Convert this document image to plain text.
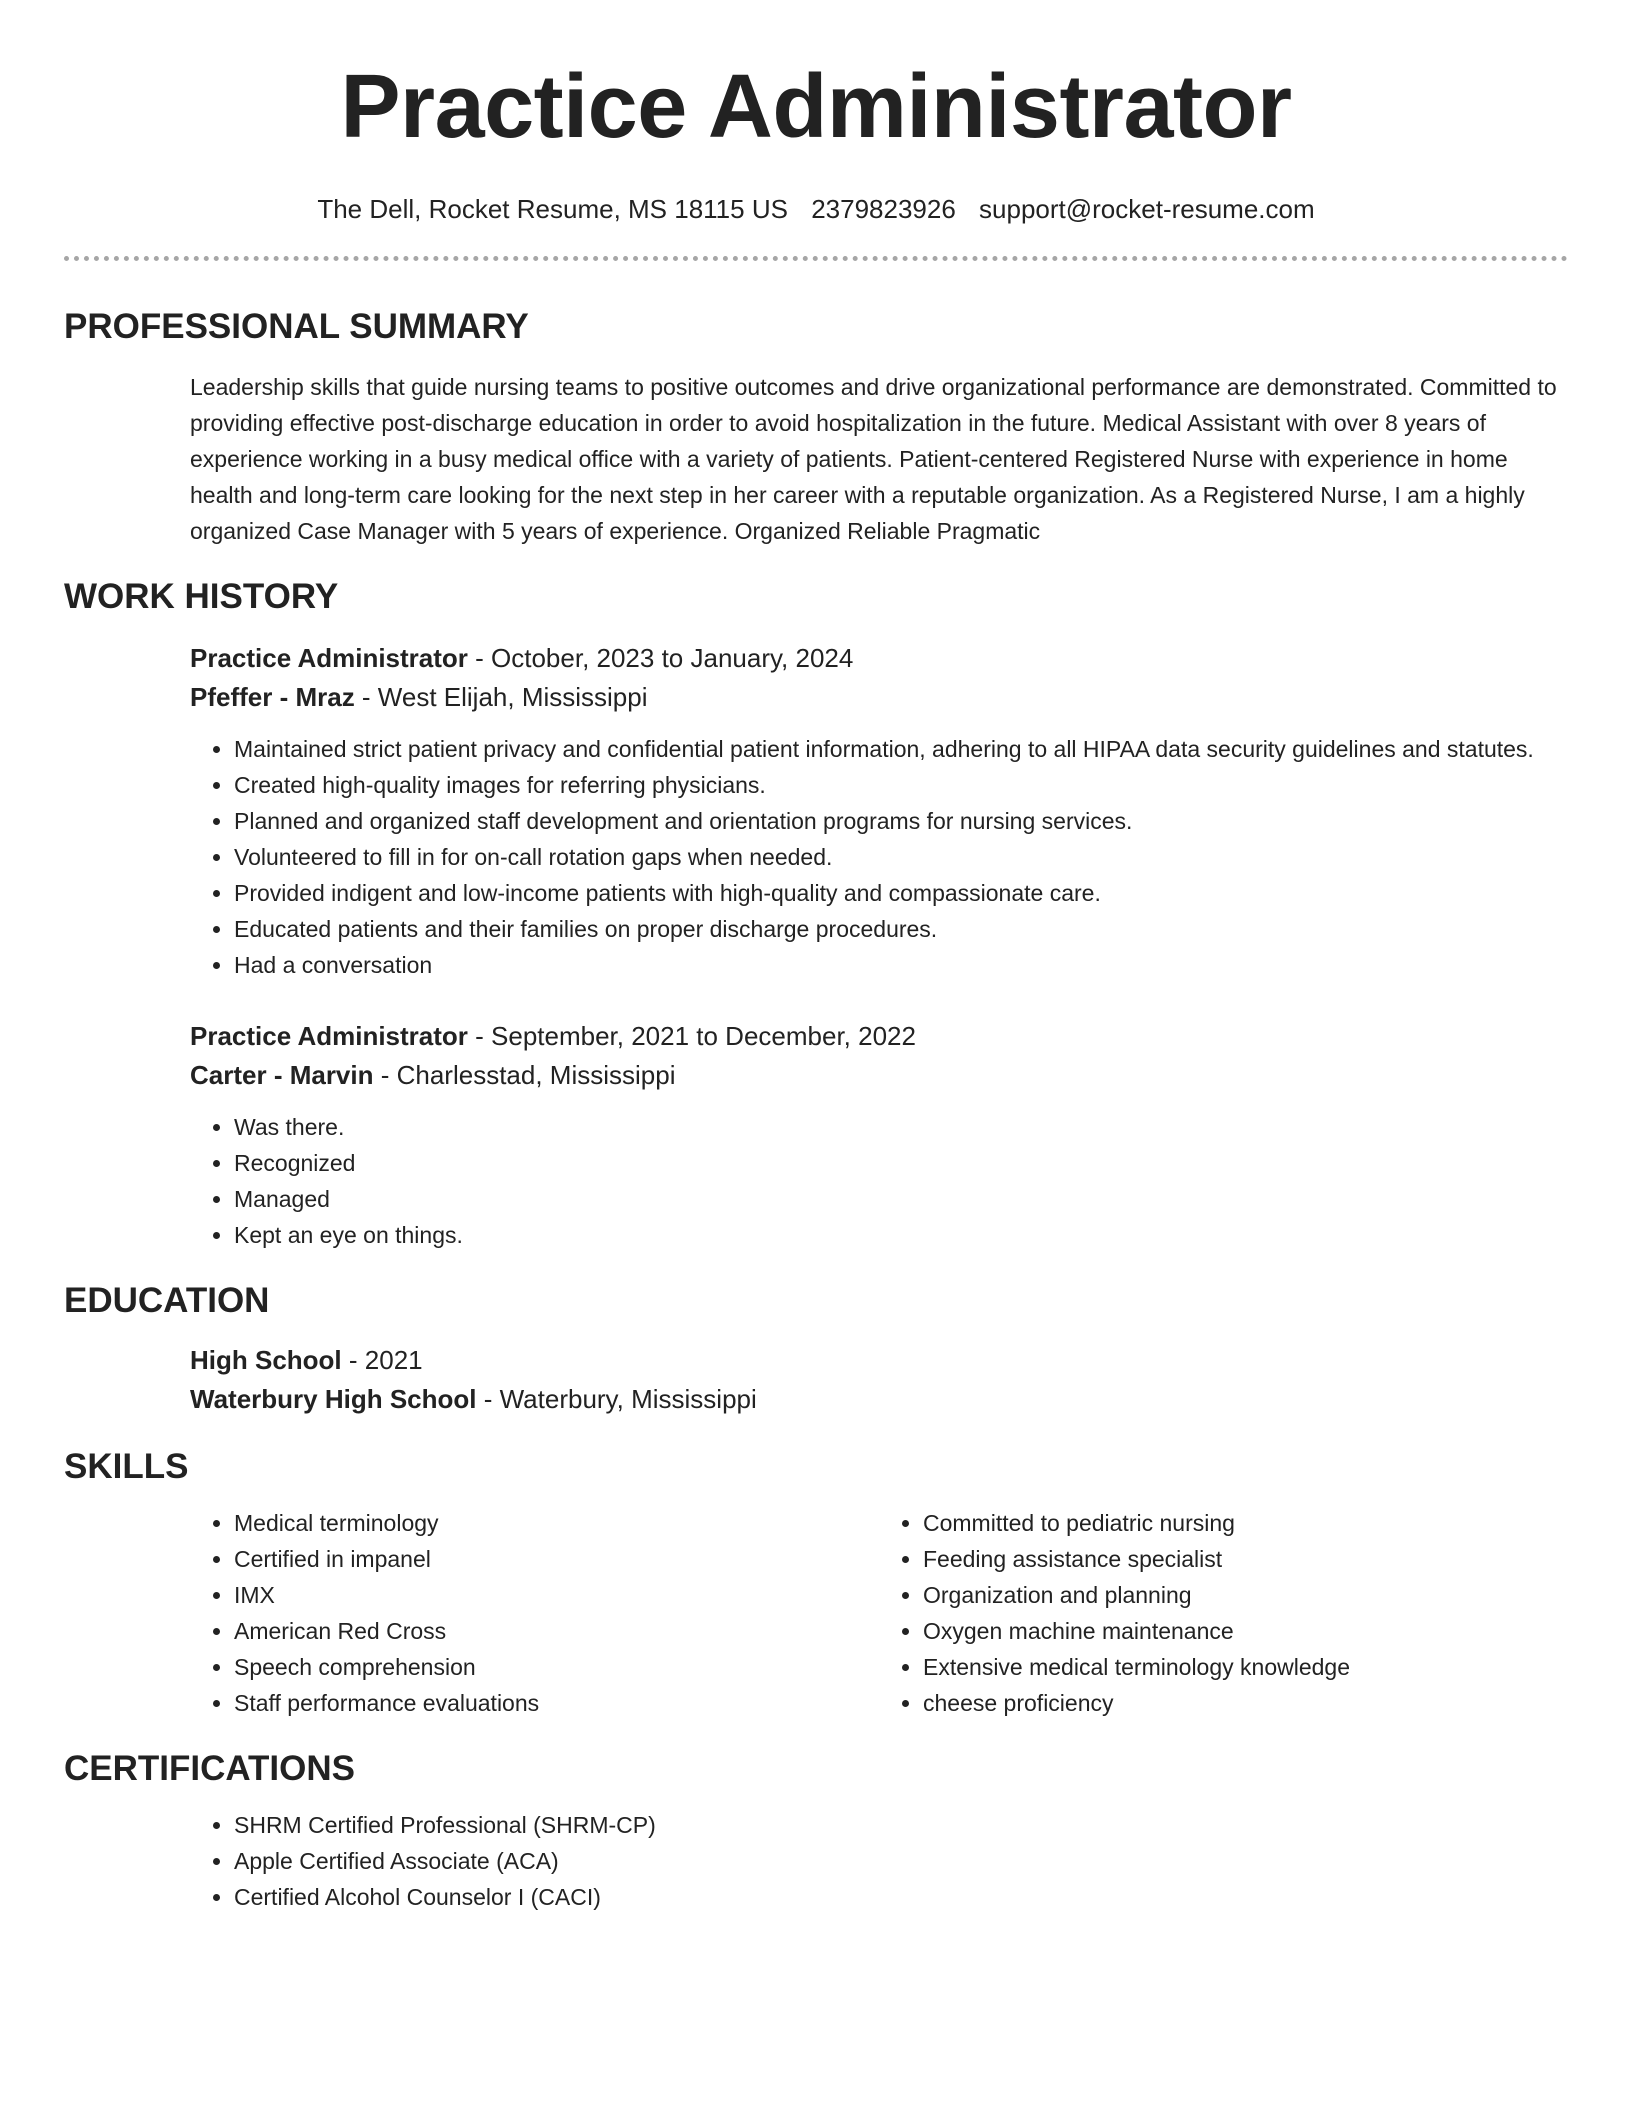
Practice Administrator
The Dell, Rocket Resume, MS 18115 US 2379823926 support@rocket-resume.com
PROFESSIONAL SUMMARY
Leadership skills that guide nursing teams to positive outcomes and drive organizational performance are demonstrated. Committed to providing effective post-discharge education in order to avoid hospitalization in the future. Medical Assistant with over 8 years of experience working in a busy medical office with a variety of patients. Patient-centered Registered Nurse with experience in home health and long-term care looking for the next step in her career with a reputable organization. As a Registered Nurse, I am a highly organized Case Manager with 5 years of experience. Organized Reliable Pragmatic
WORK HISTORY
Practice Administrator - October, 2023 to January, 2024
Pfeffer - Mraz - West Elijah, Mississippi
• Maintained strict patient privacy and confidential patient information, adhering to all HIPAA data security guidelines and statutes.
• Created high-quality images for referring physicians.
• Planned and organized staff development and orientation programs for nursing services.
• Volunteered to fill in for on-call rotation gaps when needed.
• Provided indigent and low-income patients with high-quality and compassionate care.
• Educated patients and their families on proper discharge procedures.
• Had a conversation
Practice Administrator - September, 2021 to December, 2022
Carter - Marvin - Charlesstad, Mississippi
• Was there.
• Recognized
• Managed
• Kept an eye on things.
EDUCATION
High School - 2021
Waterbury High School - Waterbury, Mississippi
SKILLS
• Medical terminology
• Certified in impanel
• IMX
• American Red Cross
• Speech comprehension
• Staff performance evaluations
• Committed to pediatric nursing
• Feeding assistance specialist
• Organization and planning
• Oxygen machine maintenance
• Extensive medical terminology knowledge
• cheese proficiency
CERTIFICATIONS
• SHRM Certified Professional (SHRM-CP)
• Apple Certified Associate (ACA)
• Certified Alcohol Counselor I (CACI)
